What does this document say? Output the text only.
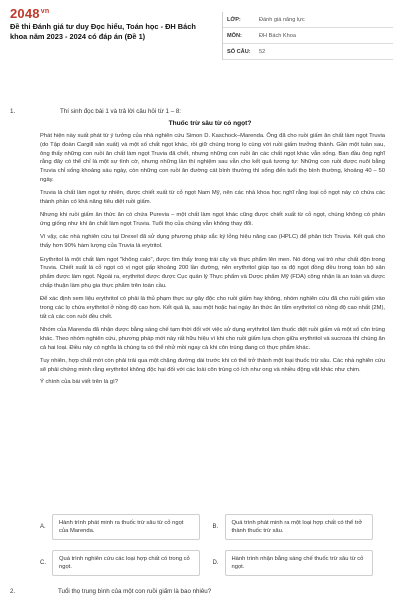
$2048^{vn}$
Đề thi Đánh giá tư duy Đọc hiểu, Toán học - ĐH Bách khoa năm 2023 - 2024 có đáp án (Đề 1)
LỚP:	Đánh giá năng lực
MÔN:	ĐH Bách Khoa
SỐ CÂU:	52
1.	Thí sinh đọc bài 1 và trả lời câu hỏi từ 1 – 8:
Thuốc trừ sâu từ cỏ ngọt?

Phát hiện này xuất phát từ ý tưởng của nhà nghiên cứu Simon D. Kaschock–Marenda. Ông đã cho ruồi giấm ăn chất làm ngọt Truvia (do Tập đoàn Cargill sản xuất) và một số chất ngọt khác, rồi giữ chúng trong lọ cùng với ruồi giấm trưởng thành. Gần một tuần sau, ông thấy những con ruồi ăn chất làm ngọt Truvia đã chết, nhưng những con ruồi ăn các chất ngọt khác vẫn sống. Ban đầu ông nghĩ rằng đây có thể chỉ là một sự tình cờ, nhưng những lần thí nghiệm sau vẫn cho kết quả tương tự: Những con ruồi được nuôi bằng Truvia chỉ sống khoảng sáu ngày, còn những con ruồi ăn đường cát bình thường thì sống đến tuổi thọ bình thường, khoảng 40 – 50 ngày.

Truvia là chất làm ngọt tự nhiên, được chiết xuất từ cỏ ngọt Nam Mỹ, nên các nhà khoa học nghĩ rằng loại cỏ ngọt này có chứa các thành phần có khả năng tiêu diệt ruồi giấm.

Nhưng khi ruồi giấm ăn thức ăn có chứa Purevia – một chất làm ngọt khác cũng được chiết xuất từ cỏ ngọt, chúng không có phản ứng giống như khi ăn chất làm ngọt Truvia. Tuổi thọ của chúng vẫn không thay đổi.

Vì vậy, các nhà nghiên cứu tại Drexel đã sử dụng phương pháp sắc ký lỏng hiệu năng cao (HPLC) để phân tích Truvia. Kết quả cho thấy hơn 90% hàm lượng của Truvia là erytritol.

Erythritol là một chất làm ngọt "không calo", được tìm thấy trong trái cây và thực phẩm lên men. Nó đóng vai trò như chất độn trong Truvia. Chiết xuất lá cỏ ngọt có vị ngọt gấp khoảng 200 lần đường, nên erythritol giúp tạo ra độ ngọt đồng đều trong toàn bộ sản phẩm được làm ngọt. Ngoài ra, erythritol được được Cục quản lý Thực phẩm và Dược phẩm Mỹ (FDA) công nhận là an toàn và được chấp thuận làm phụ gia thực phẩm trên toàn cầu.

Để xác định xem liệu erythritol có phải là thủ phạm thực sự gây độc cho ruồi giấm hay không, nhóm nghiên cứu đã cho ruồi giấm vào trong các lọ chứa erythritol ở nồng độ cao hơn. Kết quả là, sau một hoặc hai ngày ăn thức ăn tẩm erythritol có nồng độ cao nhất (2M), tất cả các con ruồi đều chết.

Nhóm của Marenda đã nhận được bằng sáng chế tạm thời đối với việc sử dụng erythritol làm thuốc diệt ruồi giấm và một số côn trùng khác. Theo nhóm nghiên cứu, phương pháp mới này rất hữu hiệu vì khi cho ruồi giấm lựa chọn giữa erythritol và sucroza thì chúng ăn cả hai loại. Điều này có nghĩa là chúng ta có thể nhử mồi ngay cả khi côn trùng đang có thực phẩm khác.

Tuy nhiên, hợp chất mới còn phải trải qua một chặng đường dài trước khi có thể trở thành một loại thuốc trừ sâu. Các nhà nghiên cứu sẽ phải chứng minh rằng erythritol không độc hại đối với các loài côn trùng có ích như ong và nhiều động vật khác như chim.

Ý chính của bài viết trên là gì?
A.
Hành trình phát minh ra thuốc trừ sâu từ cỏ ngọt của Marenda.
B.
Quá trình phát minh ra một loại hợp chất có thể trở thành thuốc trừ sâu.
C.
Quá trình nghiên cứu các loại hợp chất có trong cỏ ngọt.
D.
Hành trình nhận bằng sáng chế thuốc trừ sâu từ cỏ ngọt.
2.	Tuổi thọ trung bình của một con ruồi giấm là bao nhiêu?
